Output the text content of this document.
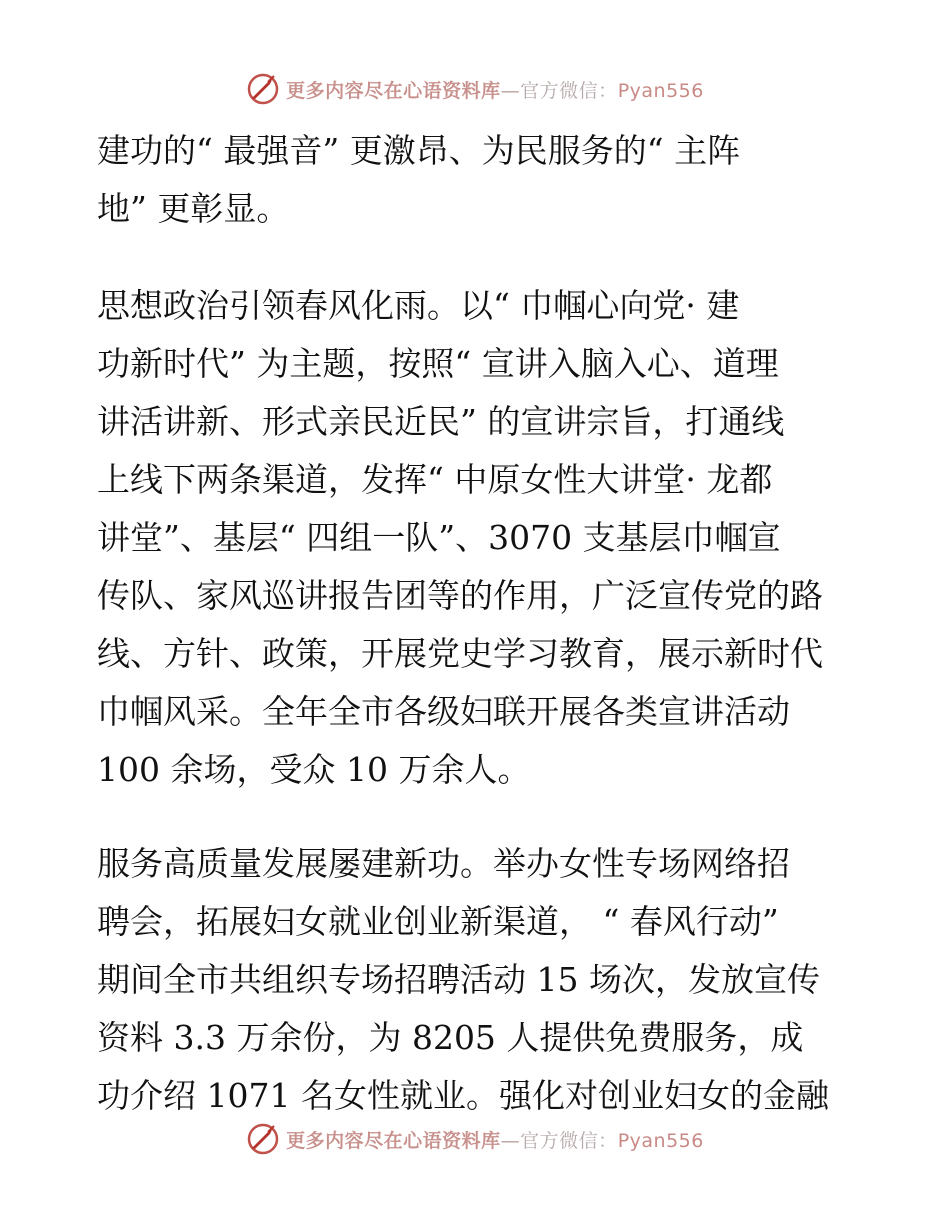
更多内容尽在心语资料库—官方微信：Pyan556
建功的“ 最强音” 更激昂、为民服务的“ 主阵
地” 更彰显。
思想政治引领春风化雨。以“ 巾帼心向党· 建
功新时代” 为主题，按照“ 宣讲入脑入心、道理
讲活讲新、形式亲民近民” 的宣讲宗旨，打通线
上线下两条渠道，发挥“ 中原女性大讲堂· 龙都
讲堂”、基层“ 四组一队”、3070 支基层巾帼宣
传队、家风巡讲报告团等的作用，广泛宣传党的路
线、方针、政策，开展党史学习教育，展示新时代
巾帼风采。全年全市各级妇联开展各类宣讲活动
100 余场，受众 10 万余人。
服务高质量发展屡建新功。举办女性专场网络招
聘会，拓展妇女就业创业新渠道， “ 春风行动”
期间全市共组织专场招聘活动 15 场次，发放宣传
资料 3.3 万余份，为 8205 人提供免费服务，成
功介绍 1071 名女性就业。强化对创业妇女的金融
更多内容尽在心语资料库—官方微信：Pyan556
